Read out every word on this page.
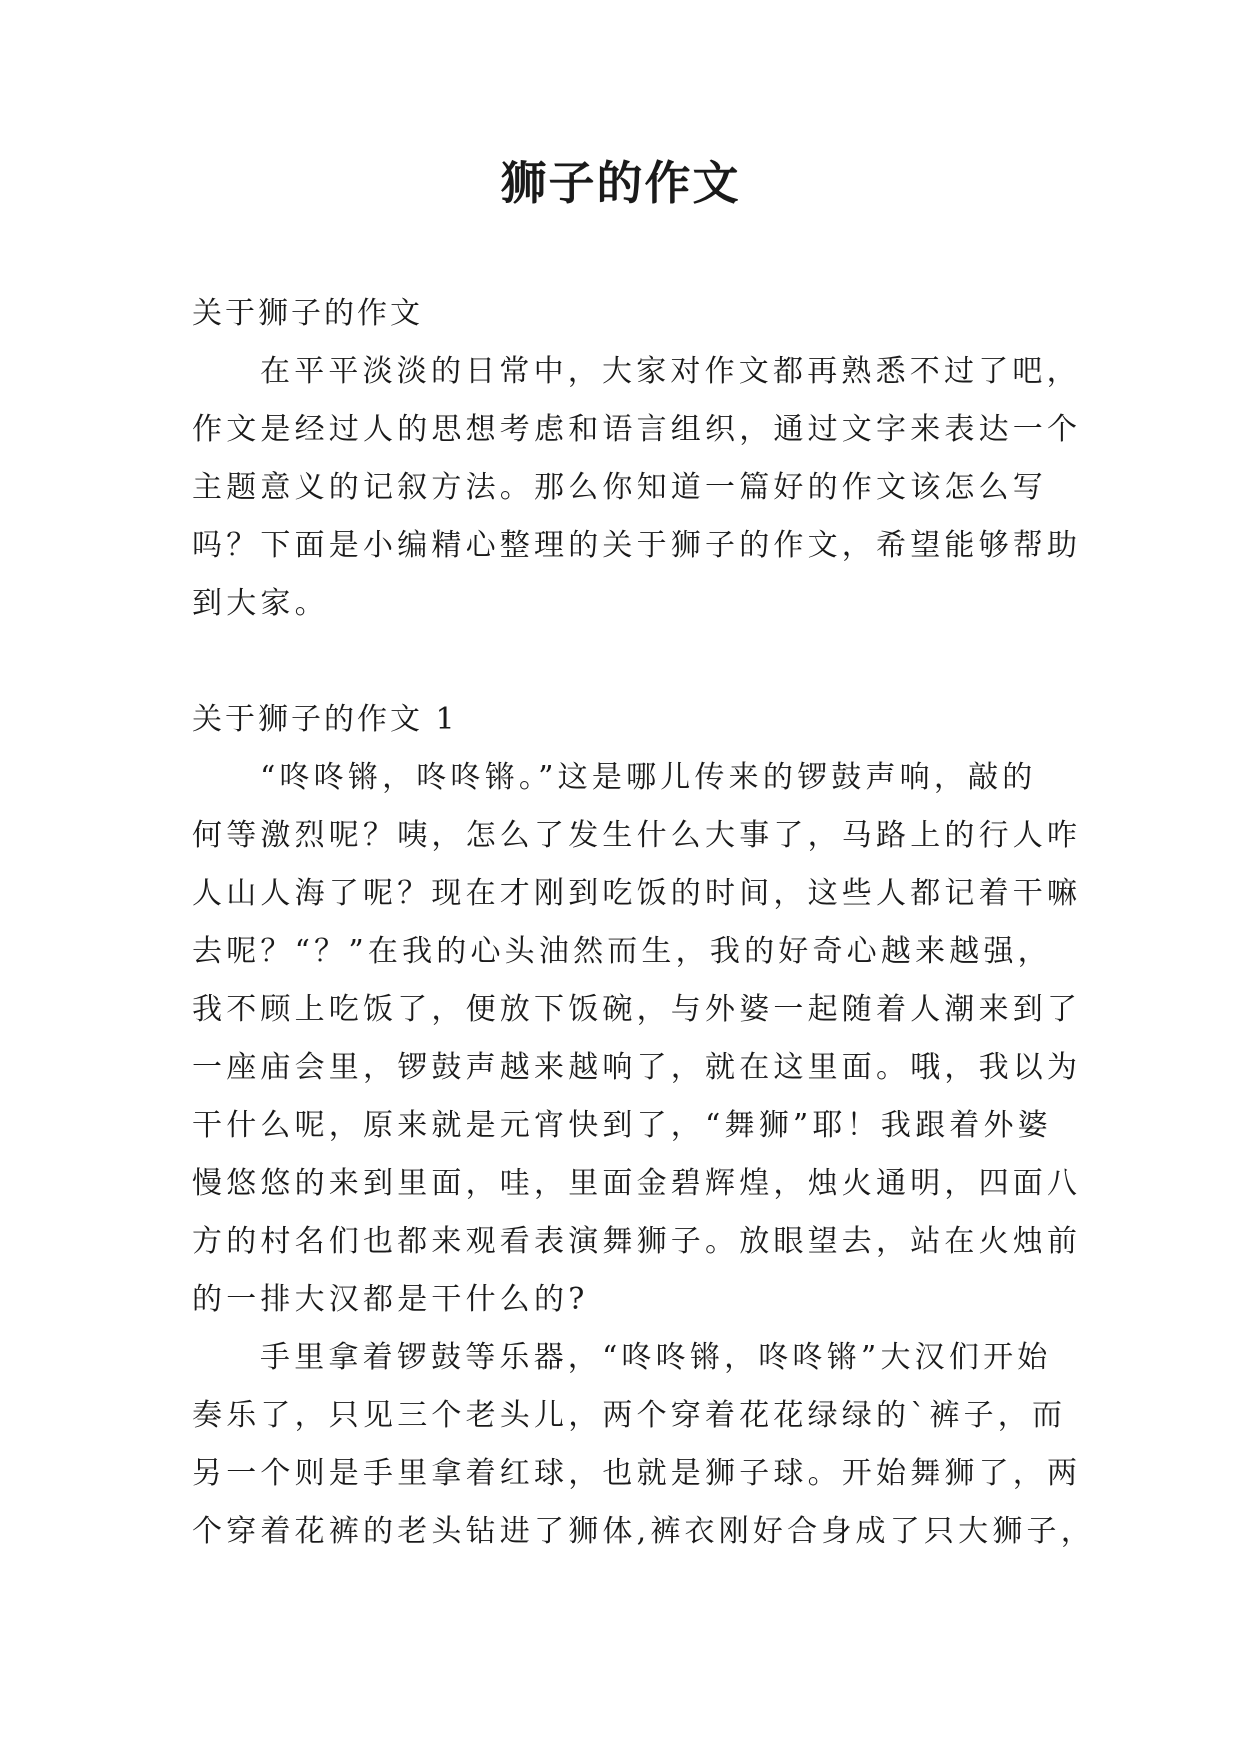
狮子的作文
关于狮子的作文
在平平淡淡的日常中，大家对作文都再熟悉不过了吧，
作文是经过人的思想考虑和语言组织，通过文字来表达一个
主题意义的记叙方法。那么你知道一篇好的作文该怎么写
吗？下面是小编精心整理的关于狮子的作文，希望能够帮助
到大家。
关于狮子的作文 1
“咚咚锵，咚咚锵。”这是哪儿传来的锣鼓声响，敲的
何等激烈呢？咦，怎么了发生什么大事了，马路上的行人咋
人山人海了呢？现在才刚到吃饭的时间，这些人都记着干嘛
去呢？“？”在我的心头油然而生，我的好奇心越来越强，
我不顾上吃饭了，便放下饭碗，与外婆一起随着人潮来到了
一座庙会里，锣鼓声越来越响了，就在这里面。哦，我以为
干什么呢，原来就是元宵快到了，“舞狮”耶！我跟着外婆
慢悠悠的来到里面，哇，里面金碧辉煌，烛火通明，四面八
方的村名们也都来观看表演舞狮子。放眼望去，站在火烛前
的一排大汉都是干什么的?
手里拿着锣鼓等乐器，“咚咚锵，咚咚锵”大汉们开始
奏乐了，只见三个老头儿，两个穿着花花绿绿的`裤子，而
另一个则是手里拿着红球，也就是狮子球。开始舞狮了，两
个穿着花裤的老头钻进了狮体,裤衣刚好合身成了只大狮子，
